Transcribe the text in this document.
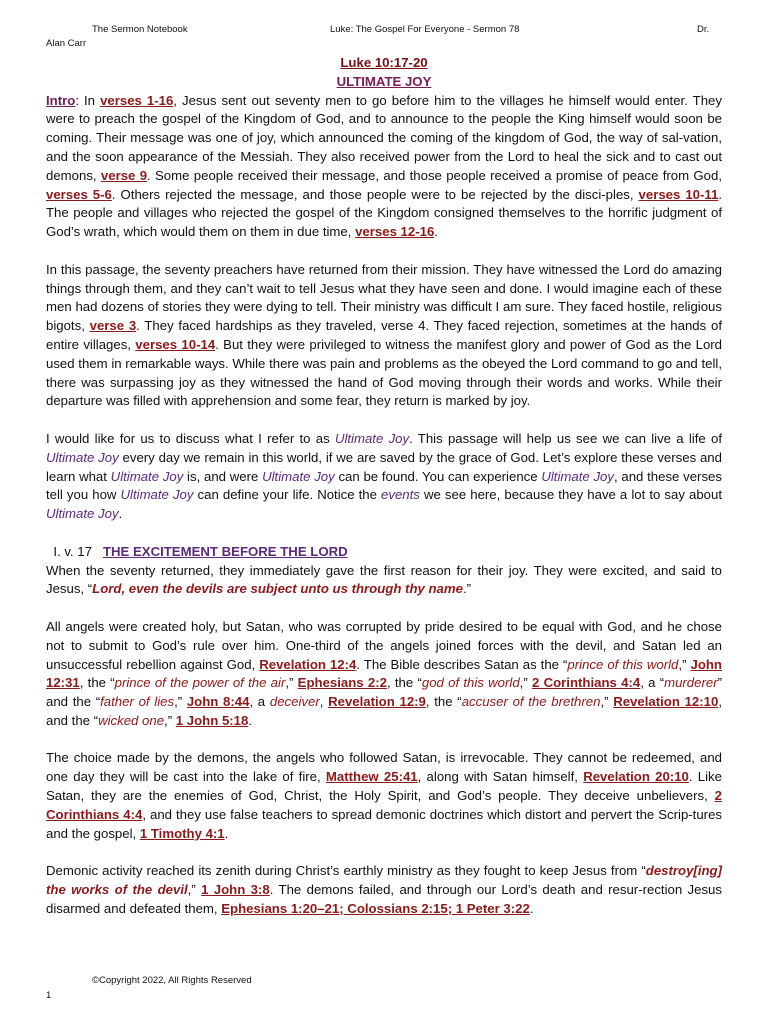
The Sermon Notebook	Luke: The Gospel For Everyone - Sermon 78	Dr.
Alan Carr
Luke 10:17-20
ULTIMATE JOY

Intro: In verses 1-16, Jesus sent out seventy men to go before him to the villages he himself would enter. They were to preach the gospel of the Kingdom of God, and to announce to the people the King himself would soon be coming. Their message was one of joy, which announced the coming of the kingdom of God, the way of sal-vation, and the soon appearance of the Messiah. They also received power from the Lord to heal the sick and to cast out demons, verse 9. Some people received their message, and those people received a promise of peace from God, verses 5-6. Others rejected the message, and those people were to be rejected by the disci-ples, verses 10-11. The people and villages who rejected the gospel of the Kingdom consigned themselves to the horrific judgment of God’s wrath, which would them on them in due time, verses 12-16.

In this passage, the seventy preachers have returned from their mission. They have witnessed the Lord do amazing things through them, and they can’t wait to tell Jesus what they have seen and done. I would imagine each of these men had dozens of stories they were dying to tell. Their ministry was difficult I am sure. They faced hostile, religious bigots, verse 3. They faced hardships as they traveled, verse 4. They faced rejection, sometimes at the hands of entire villages, verses 10-14. But they were privileged to witness the manifest glory and power of God as the Lord used them in remarkable ways. While there was pain and problems as the obeyed the Lord command to go and tell, there was surpassing joy as they witnessed the hand of God moving through their words and works. While their departure was filled with apprehension and some fear, they return is marked by joy.

I would like for us to discuss what I refer to as Ultimate Joy. This passage will help us see we can live a life of Ultimate Joy every day we remain in this world, if we are saved by the grace of God. Let’s explore these verses and learn what Ultimate Joy is, and were Ultimate Joy can be found. You can experience Ultimate Joy, and these verses tell you how Ultimate Joy can define your life. Notice the events we see here, because they have a lot to say about Ultimate Joy.

I. v. 17 THE EXCITEMENT BEFORE THE LORD

When the seventy returned, they immediately gave the first reason for their joy. They were excited, and said to Jesus, “Lord, even the devils are subject unto us through thy name.”

All angels were created holy, but Satan, who was corrupted by pride desired to be equal with God, and he chose not to submit to God’s rule over him. One-third of the angels joined forces with the devil, and Satan led an unsuccessful rebellion against God, Revelation 12:4. The Bible describes Satan as the “prince of this world,” John 12:31, the “prince of the power of the air,” Ephesians 2:2, the “god of this world,” 2 Corinthians 4:4, a “murderer” and the “father of lies,” John 8:44, a deceiver, Revelation 12:9, the “accuser of the brethren,” Revelation 12:10, and the “wicked one,” 1 John 5:18.

The choice made by the demons, the angels who followed Satan, is irrevocable. They cannot be redeemed, and one day they will be cast into the lake of fire, Matthew 25:41, along with Satan himself, Revelation 20:10. Like Satan, they are the enemies of God, Christ, the Holy Spirit, and God’s people. They deceive unbelievers, 2 Corinthians 4:4, and they use false teachers to spread demonic doctrines which distort and pervert the Scrip-tures and the gospel, 1 Timothy 4:1.

Demonic activity reached its zenith during Christ’s earthly ministry as they fought to keep Jesus from “destroy[ing] the works of the devil,” 1 John 3:8. The demons failed, and through our Lord’s death and resur-rection Jesus disarmed and defeated them, Ephesians 1:20–21; Colossians 2:15; 1 Peter 3:22.

©Copyright 2022, All Rights Reserved
1
